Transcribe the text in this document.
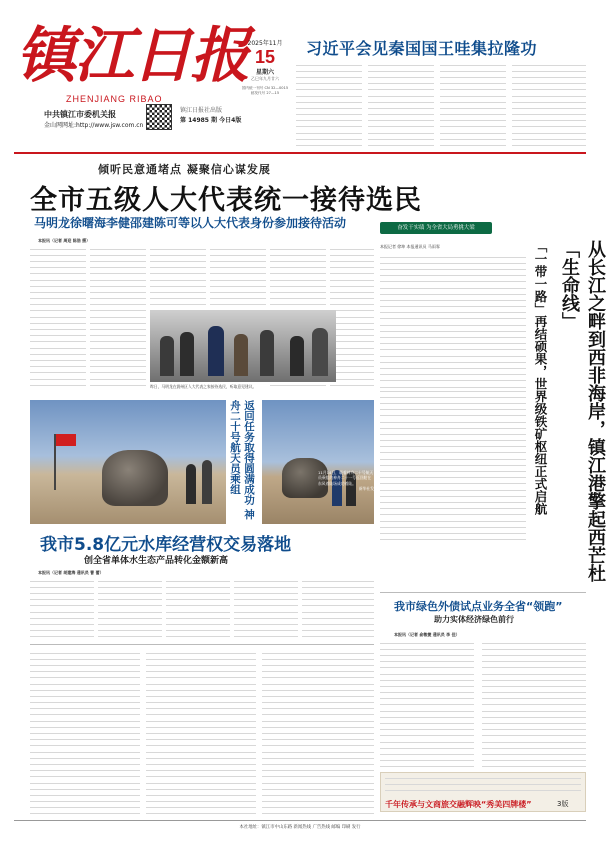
镇江日报
ZHENJIANG RIBAO
中共镇江市委机关报
金山网网址:http://www.jsw.com.cn
镇江日报社出版
第 14985 期 今日4版
2025年11月
15
星期六
乙巳年九月廿六
国内统一刊号 CN 32—0015
邮发代号 27—15
习近平会见秦国国王哇集拉隆功
倾听民意通堵点 凝聚信心谋发展
全市五级人大代表统一接待选民
马明龙徐曙海李健邵建陈可等以人大代表身份参加接待活动
本报讯（记者 周迎 陈浩 摄）
昨日，马明龙在润州区人大代表之家接待选民，听取意见建议。
奋发干实绩 为全省大局勇挑大梁
本报记者 徐坤 本报通讯员 马雨霏	从长江之畔到西非海岸，镇江港擎起西芒杜「生命线」
「一带一路」再结硕果，世界级铁矿枢纽正式启航
返回任务取得圆满成功 神舟二十号航天员乘组	11月14日，载着神舟二十号航天员乘组的神舟二十一号返回舱在东风着陆场成功着陆。
新华社发
我市绿色外债试点业务全省“领跑”
助力实体经济绿色前行
本报讯（记者 俞敏捷 通讯员 李 佳）
我市5.8亿元水库经营权交易落地
创全省单体水生态产品转化金额新高
本报讯（记者 胡建海 通讯员 曹 蕾）
千年传承与文商旅交融辉映“秀美四牌楼”	3版
本社地址：镇江市中山东路 新闻热线 广告热线 邮编 印刷 发行
